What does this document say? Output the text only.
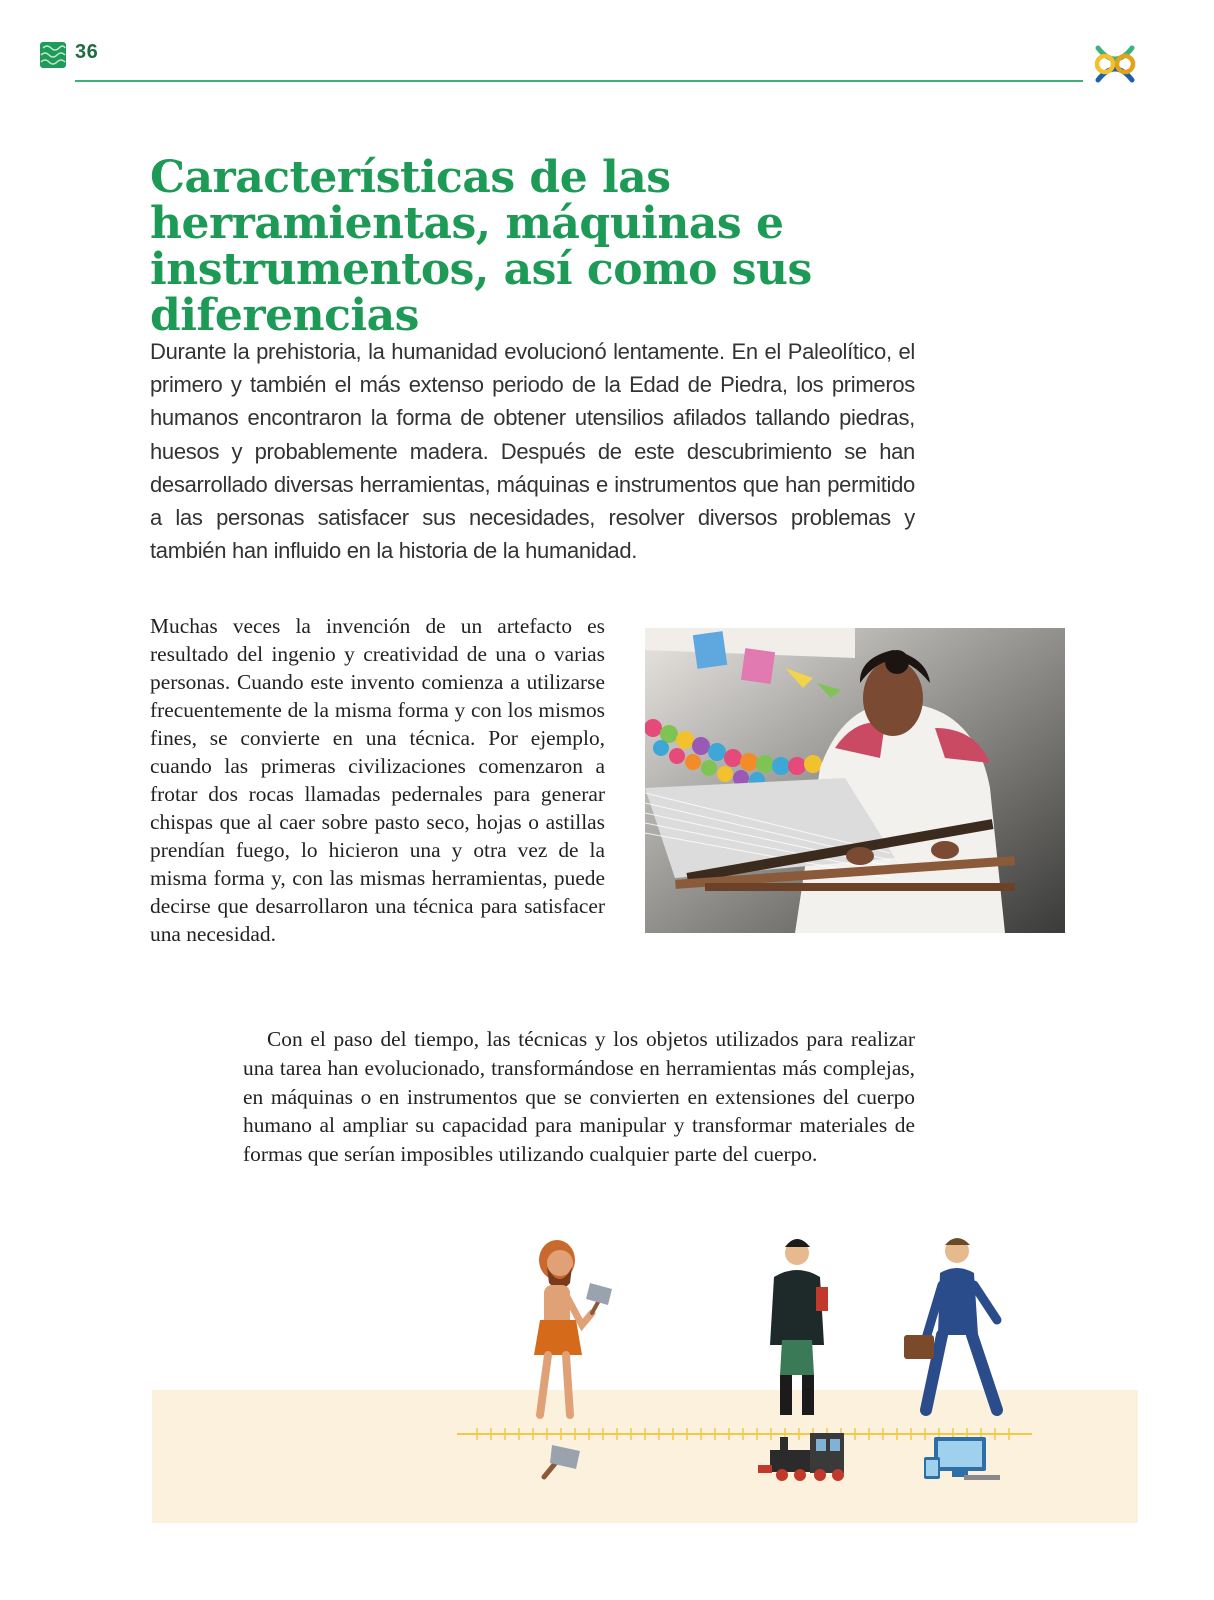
36
Características de las herramientas, máquinas e instrumentos, así como sus diferencias

Durante la prehistoria, la humanidad evolucionó lentamente. En el Paleolítico, el primero y también el más extenso periodo de la Edad de Piedra, los primeros humanos encontraron la forma de obtener utensilios afilados tallando piedras, huesos y probablemente madera. Después de este descubrimiento se han desarrollado diversas herramientas, máquinas e instrumentos que han permitido a las personas satisfacer sus necesidades, resolver diversos problemas y también han influido en la historia de la humanidad.

Muchas veces la invención de un artefacto es resultado del ingenio y creatividad de una o varias personas. Cuando este invento comienza a utilizarse frecuentemente de la misma forma y con los mismos fines, se convierte en una técnica. Por ejemplo, cuando las primeras civilizaciones comenzaron a frotar dos rocas llamadas pedernales para generar chispas que al caer sobre pasto seco, hojas o astillas prendían fuego, lo hicieron una y otra vez de la misma forma y, con las mismas herramientas, puede decirse que desarrollaron una técnica para satisfacer una necesidad.

Con el paso del tiempo, las técnicas y los objetos utilizados para realizar una tarea han evolucionado, transformándose en herramientas más complejas, en máquinas o en instrumentos que se convierten en extensiones del cuerpo humano al ampliar su capacidad para manipular y transformar materiales de formas que serían imposibles utilizando cualquier parte del cuerpo.
